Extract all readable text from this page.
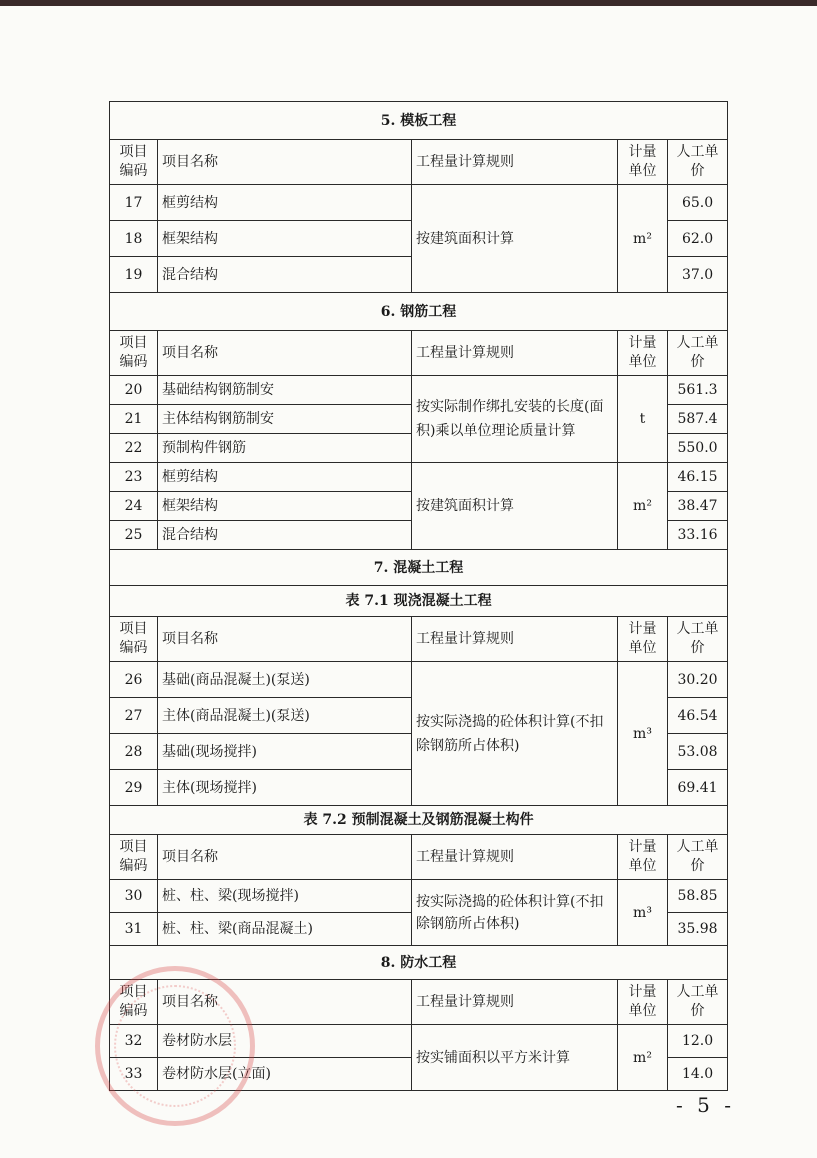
5. 模板工程				
项目编码	项目名称	工程量计算规则	计量单位	人工单价
17	框剪结构	按建筑面积计算	m²	65.0
18	框架结构			62.0
19	混合结构			37.0
6. 钢筋工程				
项目编码	项目名称	工程量计算规则	计量单位	人工单价
20	基础结构钢筋制安	按实际制作绑扎安装的长度(面积)乘以单位理论质量计算	t	561.3
21	主体结构钢筋制安			587.4
22	预制构件钢筋			550.0
23	框剪结构	按建筑面积计算	m²	46.15
24	框架结构			38.47
25	混合结构			33.16
7. 混凝土工程				
表 7.1 现浇混凝土工程				
项目编码	项目名称	工程量计算规则	计量单位	人工单价
26	基础(商品混凝土)(泵送)	按实际浇捣的砼体积计算(不扣除钢筋所占体积)	m³	30.20
27	主体(商品混凝土)(泵送)			46.54
28	基础(现场搅拌)			53.08
29	主体(现场搅拌)			69.41
表 7.2 预制混凝土及钢筋混凝土构件				
项目编码	项目名称	工程量计算规则	计量单位	人工单价
30	桩、柱、梁(现场搅拌)	按实际浇捣的砼体积计算(不扣除钢筋所占体积)	m³	58.85
31	桩、柱、梁(商品混凝土)			35.98
8. 防水工程				
项目编码	项目名称	工程量计算规则	计量单位	人工单价
32	卷材防水层	按实铺面积以平方米计算	m²	12.0
33	卷材防水层(立面)			14.0
- 5 -
